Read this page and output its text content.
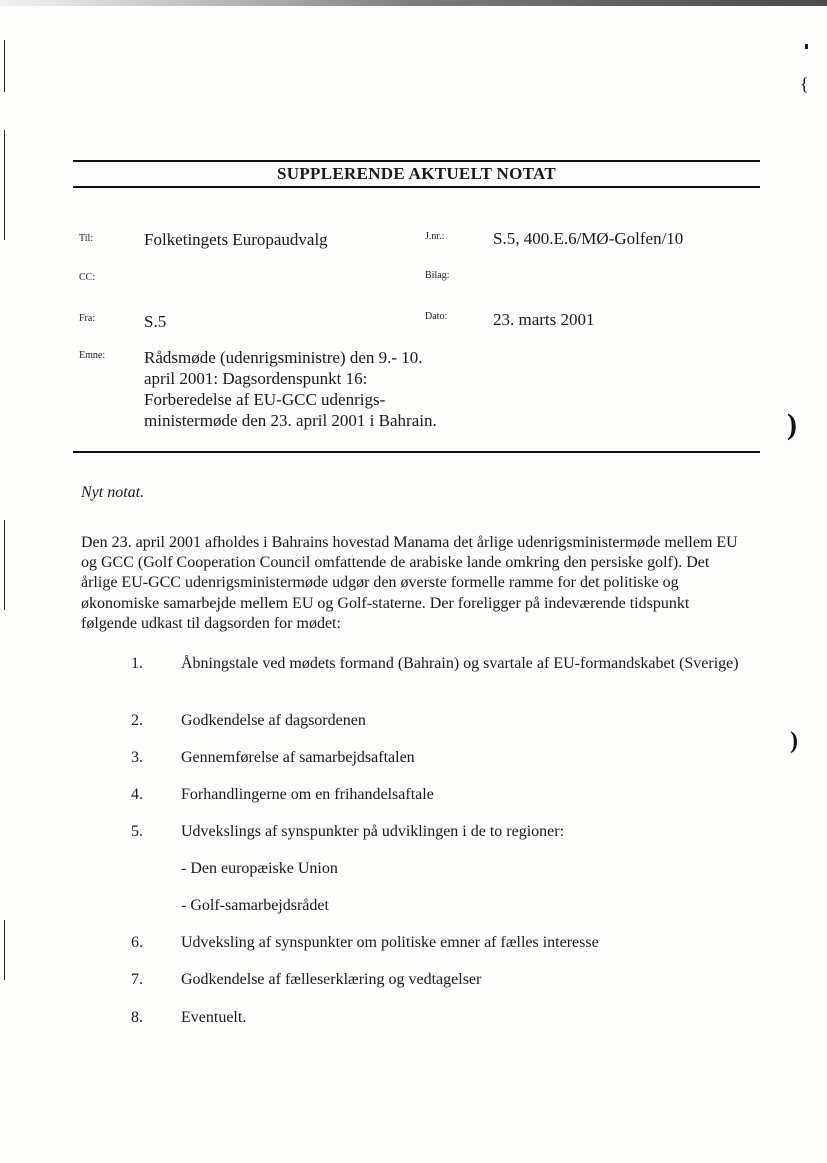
)
)
{
SUPPLERENDE AKTUELT NOTAT
Til:	Folketingets Europaudvalg	J.nr.:	S.5, 400.E.6/MØ-Golfen/10
CC:	Bilag:
Fra:	S.5	Dato:	23. marts 2001
Emne: Rådsmøde (udenrigsministre) den 9.- 10. april 2001: Dagsordenspunkt 16: Forberedelse af EU-GCC udenrigs-ministermøde den 23. april 2001 i Bahrain.
Nyt notat.
Den 23. april 2001 afholdes i Bahrains hovestad Manama det årlige udenrigsministermøde mellem EU og GCC (Golf Cooperation Council omfattende de arabiske lande omkring den persiske golf). Det årlige EU-GCC udenrigsministermøde udgør den øverste formelle ramme for det politiske og økonomiske samarbejde mellem EU og Golf-staterne. Der foreligger på indeværende tidspunkt følgende udkast til dagsorden for mødet:
1. Åbningstale ved mødets formand (Bahrain) og svartale af EU-formandskabet (Sverige)
2. Godkendelse af dagsordenen
3. Gennemførelse af samarbejdsaftalen
4. Forhandlingerne om en frihandelsaftale
5. Udvekslings af synspunkter på udviklingen i de to regioner:
- Den europæiske Union
- Golf-samarbejdsrådet
6. Udveksling af synspunkter om politiske emner af fælles interesse
7. Godkendelse af fælleserklæring og vedtagelser
8. Eventuelt.
